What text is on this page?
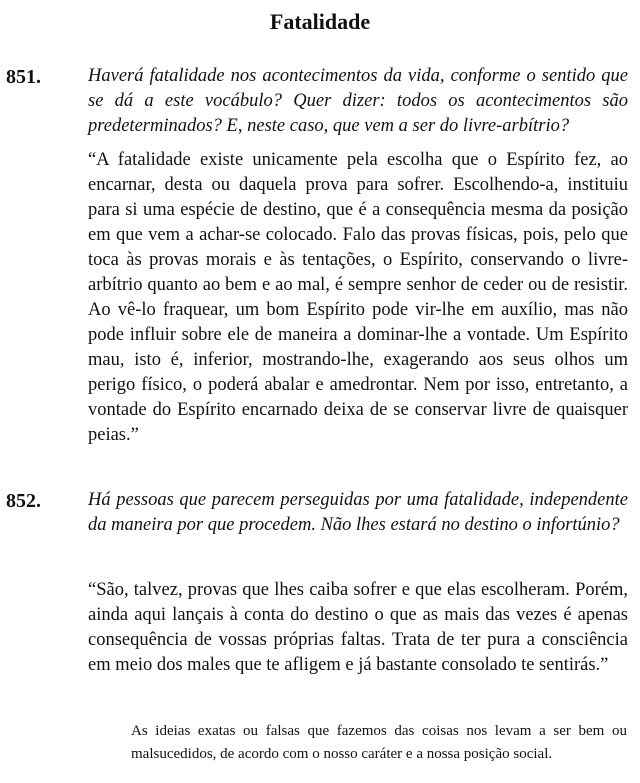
Fatalidade
851.	Haverá fatalidade nos acontecimentos da vida, conforme o sentido que se dá a este vocábulo? Quer dizer: todos os acontecimentos são predeterminados? E, neste caso, que vem a ser do livre-arbítrio?
“A fatalidade existe unicamente pela escolha que o Espírito fez, ao encarnar, desta ou daquela prova para sofrer. Escolhendo-a, instituiu para si uma espécie de destino, que é a consequência mesma da posição em que vem a achar-se colocado. Falo das provas físicas, pois, pelo que toca às provas morais e às tentações, o Espírito, conservando o livre-arbítrio quanto ao bem e ao mal, é sempre senhor de ceder ou de resistir. Ao vê-lo fraquear, um bom Espírito pode vir-lhe em auxílio, mas não pode influir sobre ele de maneira a dominar-lhe a vontade. Um Espírito mau, isto é, inferior, mostrando-lhe, exagerando aos seus olhos um perigo físico, o poderá abalar e amedrontar. Nem por isso, entretanto, a vontade do Espírito encarnado deixa de se conservar livre de quaisquer peias.”
852.	Há pessoas que parecem perseguidas por uma fatalidade, independente da maneira por que procedem. Não lhes estará no destino o infortúnio?
“São, talvez, provas que lhes caiba sofrer e que elas escolheram. Porém, ainda aqui lançais à conta do destino o que as mais das vezes é apenas consequência de vossas próprias faltas. Trata de ter pura a consciência em meio dos males que te afligem e já bastante consolado te sentirás.”
As ideias exatas ou falsas que fazemos das coisas nos levam a ser bem ou malsucedidos, de acordo com o nosso caráter e a nossa posição social.
